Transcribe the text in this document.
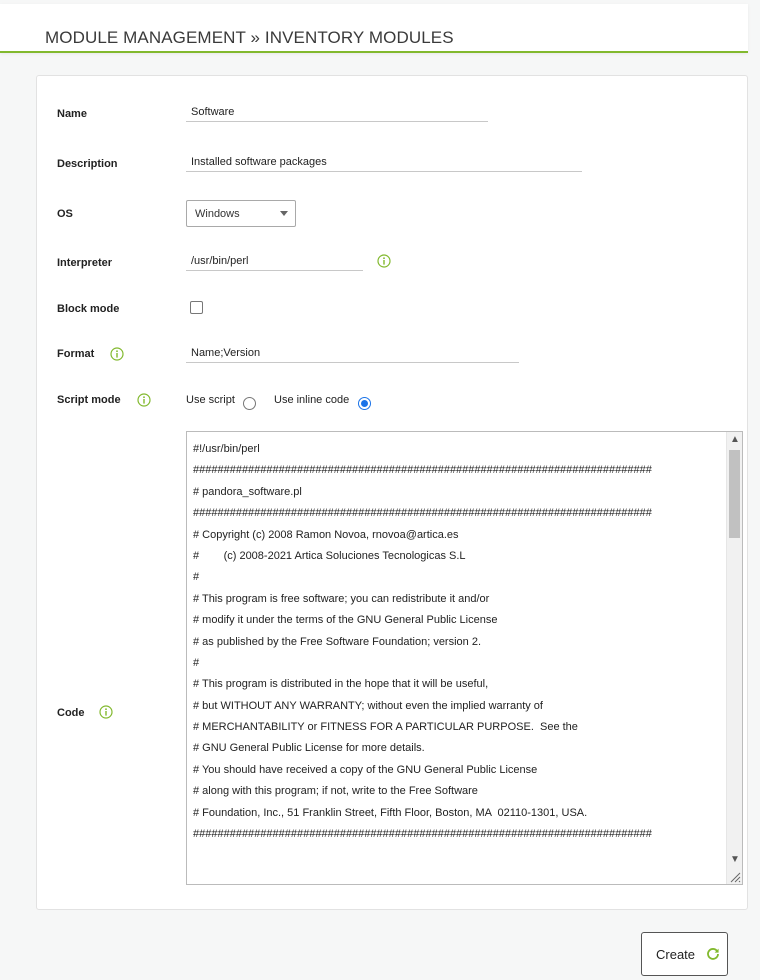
MODULE MANAGEMENT » INVENTORY MODULES
Name	Software
Description	Installed software packages
OS	Windows
Interpreter	/usr/bin/perl
Block mode
Format	Name;Version
Script mode	Use script	Use inline code
Code
#!/usr/bin/perl
###########################################################################
# pandora_software.pl
###########################################################################
# Copyright (c) 2008 Ramon Novoa, rnovoa@artica.es
#        (c) 2008-2021 Artica Soluciones Tecnologicas S.L
#
# This program is free software; you can redistribute it and/or
# modify it under the terms of the GNU General Public License
# as published by the Free Software Foundation; version 2.
#
# This program is distributed in the hope that it will be useful,
# but WITHOUT ANY WARRANTY; without even the implied warranty of
# MERCHANTABILITY or FITNESS FOR A PARTICULAR PURPOSE.  See the
# GNU General Public License for more details.
# You should have received a copy of the GNU General Public License
# along with this program; if not, write to the Free Software
# Foundation, Inc., 51 Franklin Street, Fifth Floor, Boston, MA  02110-1301, USA.
###########################################################################
▲
▼
Create
